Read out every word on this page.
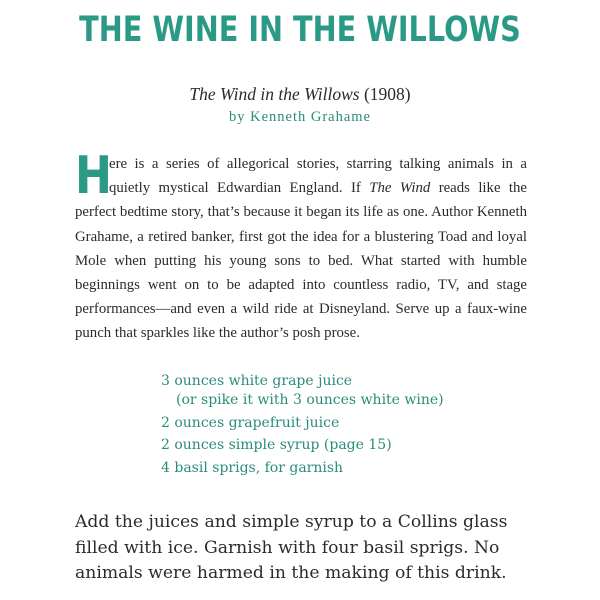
THE WINE IN THE WILLOWS

The Wind in the Willows (1908)

by Kenneth Grahame

H
ere is a series of allegorical stories, starring talking animals in a quietly mystical Edwardian England. If The Wind reads like the perfect bedtime story, that’s because it began its life as one. Author Kenneth Grahame, a retired banker, first got the idea for a blustering Toad and loyal Mole when putting his young sons to bed. What started with humble beginnings went on to be adapted into countless radio, TV, and stage performances—and even a wild ride at Disneyland. Serve up a faux-wine punch that sparkles like the author’s posh prose.

3 ounces white grape juice
(or spike it with 3 ounces white wine)
2 ounces grapefruit juice
2 ounces simple syrup (page 15)
4 basil sprigs, for garnish

Add the juices and simple syrup to a Collins glass filled with ice. Garnish with four basil sprigs. No animals were harmed in the making of this drink.
